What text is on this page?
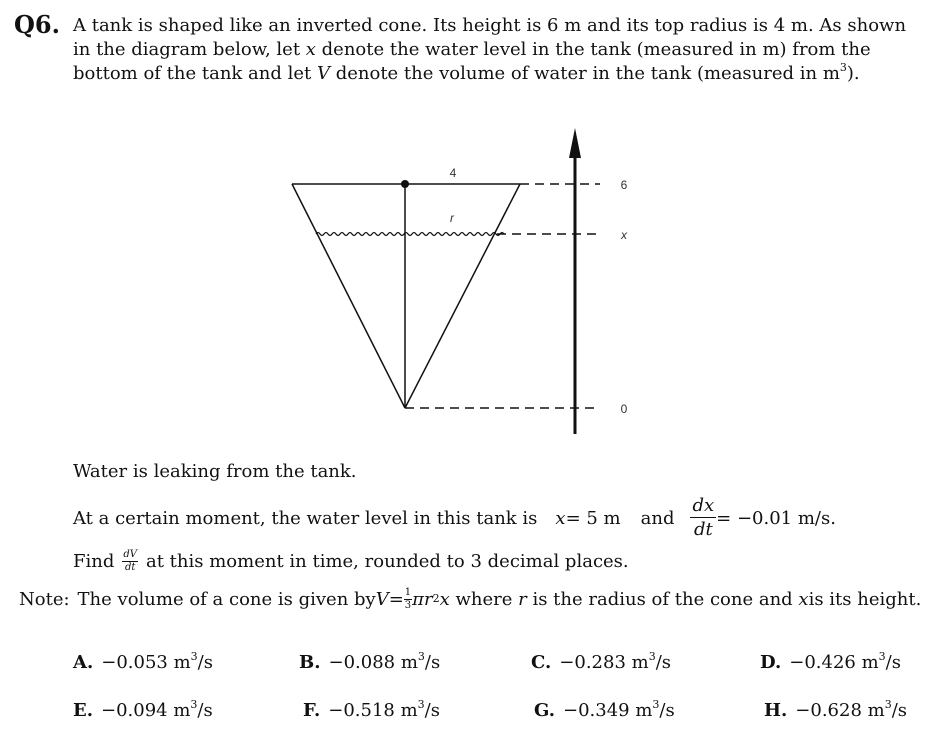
Q6. A tank is shaped like an inverted cone. Its height is 6 m and its top radius is 4 m. As shown in the diagram below, let x denote the water level in the tank (measured in m) from the bottom of the tank and let V denote the volume of water in the tank (measured in $m^3$).
4
r
6
x
0
Water is leaking from the tank.
At a certain moment, the water level in this tank is x = 5 m and $\frac{dx}{dt} = -0.01$ m/s.
Find $\frac{dV}{dt}$ at this moment in time, rounded to 3 decimal places.
Note: The volume of a cone is given by $V = \frac{1}{3}$ πr 2 x where r is the radius of the cone and x is its height.
A. −0.053 $m^3/s$	B. −0.088 $m^3/s$	C. −0.283 $m^3/s$	D. −0.426 $m^3/s$
E. −0.094 $m^3/s$	F. −0.518 $m^3/s$	G. −0.349 $m^3/s$	H. −0.628 $m^3/s$
